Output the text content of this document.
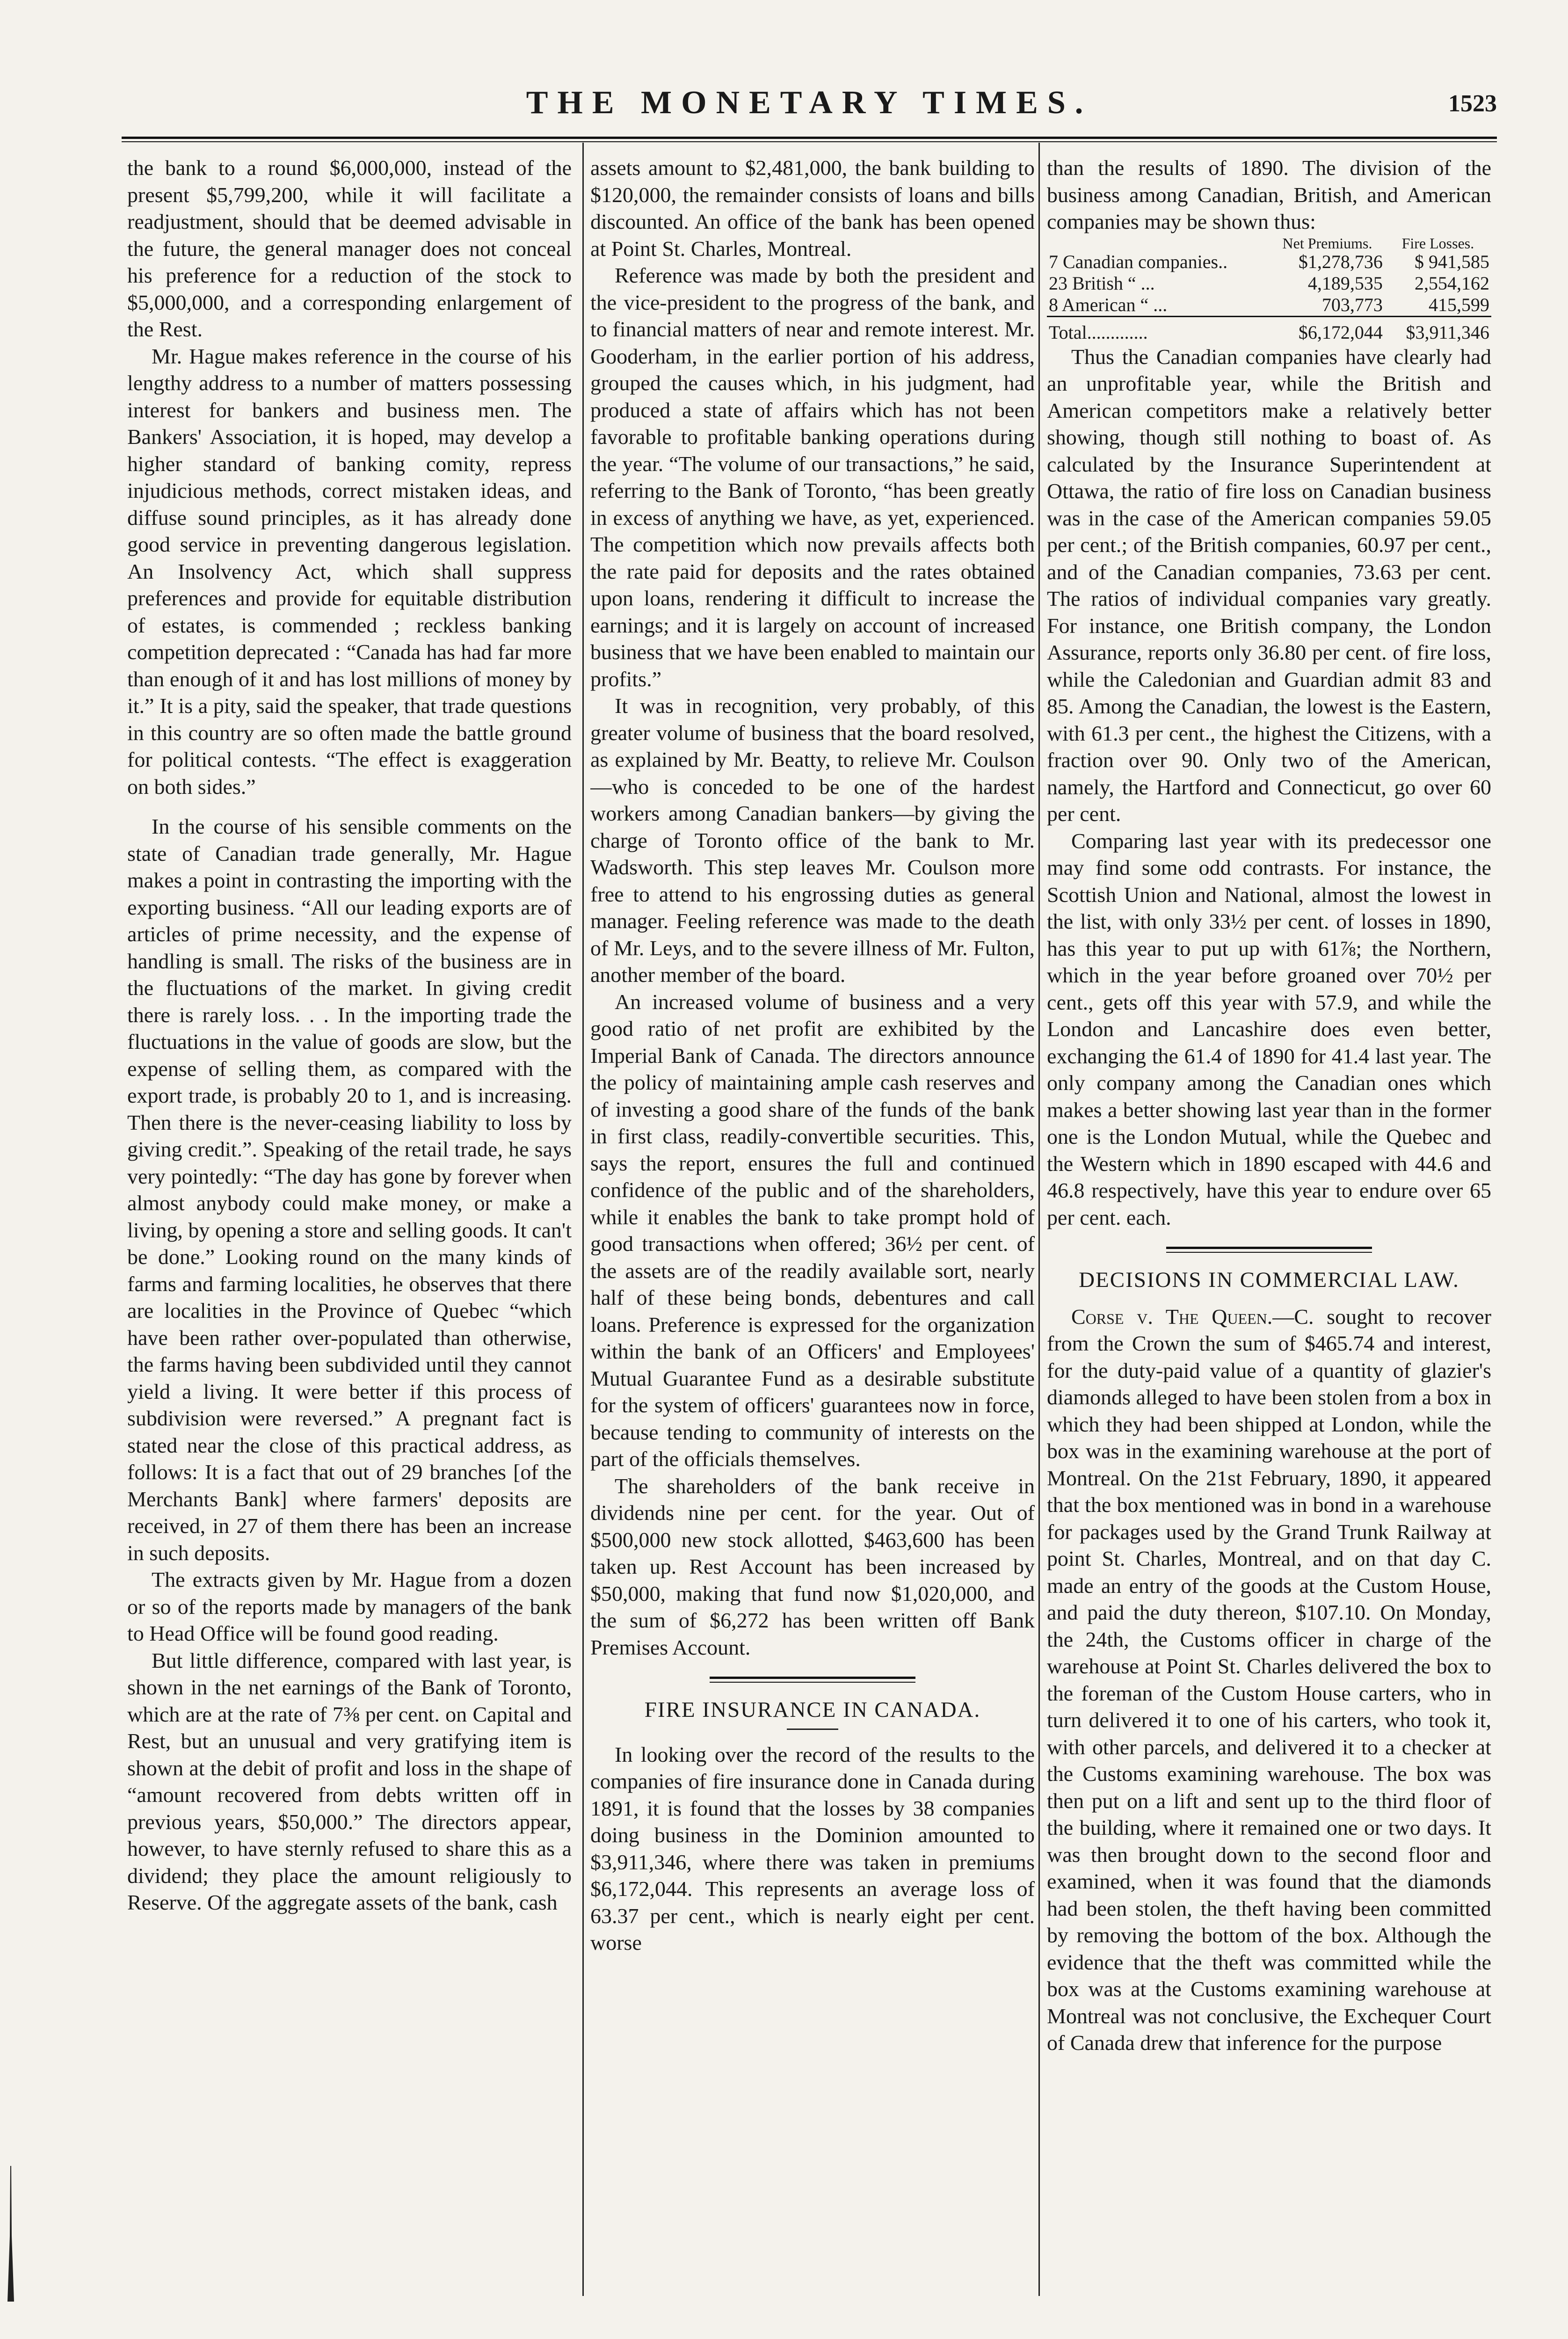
THE MONETARY TIMES.	1523

the bank to a round $6,000,000, instead of the present $5,799,200, while it will facilitate a readjustment, should that be deemed advisable in the future, the general manager does not conceal his preference for a reduction of the stock to $5,000,000, and a corresponding enlargement of the Rest.

Mr. Hague makes reference in the course of his lengthy address to a number of matters possessing interest for bankers and business men. The Bankers' Association, it is hoped, may develop a higher standard of banking comity, repress injudicious methods, correct mistaken ideas, and diffuse sound principles, as it has already done good service in preventing dangerous legislation. An Insolvency Act, which shall suppress preferences and provide for equitable distribution of estates, is commended ; reckless banking competition deprecated : “Canada has had far more than enough of it and has lost millions of money by it.” It is a pity, said the speaker, that trade questions in this country are so often made the battle ground for political contests. “The effect is exaggeration on both sides.”

In the course of his sensible comments on the state of Canadian trade generally, Mr. Hague makes a point in contrasting the importing with the exporting business. “All our leading exports are of articles of prime necessity, and the expense of handling is small. The risks of the business are in the fluctuations of the market. In giving credit there is rarely loss. . . In the importing trade the fluctuations in the value of goods are slow, but the expense of selling them, as compared with the export trade, is probably 20 to 1, and is increasing. Then there is the never-ceasing liability to loss by giving credit.”. Speaking of the retail trade, he says very pointedly: “The day has gone by forever when almost anybody could make money, or make a living, by opening a store and selling goods. It can't be done.” Looking round on the many kinds of farms and farming localities, he observes that there are localities in the Province of Quebec “which have been rather over-populated than otherwise, the farms having been subdivided until they cannot yield a living. It were better if this process of subdivision were reversed.” A pregnant fact is stated near the close of this practical address, as follows: It is a fact that out of 29 branches [of the Merchants Bank] where farmers' deposits are received, in 27 of them there has been an increase in such deposits.

The extracts given by Mr. Hague from a dozen or so of the reports made by managers of the bank to Head Office will be found good reading.

But little difference, compared with last year, is shown in the net earnings of the Bank of Toronto, which are at the rate of 7⅜ per cent. on Capital and Rest, but an unusual and very gratifying item is shown at the debit of profit and loss in the shape of “amount recovered from debts written off in previous years, $50,000.” The directors appear, however, to have sternly refused to share this as a dividend; they place the amount religiously to Reserve. Of the aggregate assets of the bank, cash

assets amount to $2,481,000, the bank building to $120,000, the remainder consists of loans and bills discounted. An office of the bank has been opened at Point St. Charles, Montreal.

Reference was made by both the president and the vice-president to the progress of the bank, and to financial matters of near and remote interest. Mr. Gooderham, in the earlier portion of his address, grouped the causes which, in his judgment, had produced a state of affairs which has not been favorable to profitable banking operations during the year. “The volume of our transactions,” he said, referring to the Bank of Toronto, “has been greatly in excess of anything we have, as yet, experienced. The competition which now prevails affects both the rate paid for deposits and the rates obtained upon loans, rendering it difficult to increase the earnings; and it is largely on account of increased business that we have been enabled to maintain our profits.”

It was in recognition, very probably, of this greater volume of business that the board resolved, as explained by Mr. Beatty, to relieve Mr. Coulson—who is conceded to be one of the hardest workers among Canadian bankers—by giving the charge of Toronto office of the bank to Mr. Wadsworth. This step leaves Mr. Coulson more free to attend to his engrossing duties as general manager. Feeling reference was made to the death of Mr. Leys, and to the severe illness of Mr. Fulton, another member of the board.

An increased volume of business and a very good ratio of net profit are exhibited by the Imperial Bank of Canada. The directors announce the policy of maintaining ample cash reserves and of investing a good share of the funds of the bank in first class, readily-convertible securities. This, says the report, ensures the full and continued confidence of the public and of the shareholders, while it enables the bank to take prompt hold of good transactions when offered; 36½ per cent. of the assets are of the readily available sort, nearly half of these being bonds, debentures and call loans. Preference is expressed for the organization within the bank of an Officers' and Employees' Mutual Guarantee Fund as a desirable substitute for the system of officers' guarantees now in force, because tending to community of interests on the part of the officials themselves.

The shareholders of the bank receive in dividends nine per cent. for the year. Out of $500,000 new stock allotted, $463,600 has been taken up. Rest Account has been increased by $50,000, making that fund now $1,020,000, and the sum of $6,272 has been written off Bank Premises Account.

FIRE INSURANCE IN CANADA.

In looking over the record of the results to the companies of fire insurance done in Canada during 1891, it is found that the losses by 38 companies doing business in the Dominion amounted to $3,911,346, where there was taken in premiums $6,172,044. This represents an average loss of 63.37 per cent., which is nearly eight per cent. worse

than the results of 1890. The division of the business among Canadian, British, and American companies may be shown thus:

	Net Premiums.	Fire Losses.
7 Canadian companies..	$1,278,736	$ 941,585
23 British “ ...	4,189,535	2,554,162
8 American “ ...	703,773	415,599
Total.............	$6,172,044	$3,911,346

Thus the Canadian companies have clearly had an unprofitable year, while the British and American competitors make a relatively better showing, though still nothing to boast of. As calculated by the Insurance Superintendent at Ottawa, the ratio of fire loss on Canadian business was in the case of the American companies 59.05 per cent.; of the British companies, 60.97 per cent., and of the Canadian companies, 73.63 per cent. The ratios of individual companies vary greatly. For instance, one British company, the London Assurance, reports only 36.80 per cent. of fire loss, while the Caledonian and Guardian admit 83 and 85. Among the Canadian, the lowest is the Eastern, with 61.3 per cent., the highest the Citizens, with a fraction over 90. Only two of the American, namely, the Hartford and Connecticut, go over 60 per cent.

Comparing last year with its predecessor one may find some odd contrasts. For instance, the Scottish Union and National, almost the lowest in the list, with only 33½ per cent. of losses in 1890, has this year to put up with 61⅞; the Northern, which in the year before groaned over 70½ per cent., gets off this year with 57.9, and while the London and Lancashire does even better, exchanging the 61.4 of 1890 for 41.4 last year. The only company among the Canadian ones which makes a better showing last year than in the former one is the London Mutual, while the Quebec and the Western which in 1890 escaped with 44.6 and 46.8 respectively, have this year to endure over 65 per cent. each.

DECISIONS IN COMMERCIAL LAW.

Corse v. The Queen.—C. sought to recover from the Crown the sum of $465.74 and interest, for the duty-paid value of a quantity of glazier's diamonds alleged to have been stolen from a box in which they had been shipped at London, while the box was in the examining warehouse at the port of Montreal. On the 21st February, 1890, it appeared that the box mentioned was in bond in a warehouse for packages used by the Grand Trunk Railway at point St. Charles, Montreal, and on that day C. made an entry of the goods at the Custom House, and paid the duty thereon, $107.10. On Monday, the 24th, the Customs officer in charge of the warehouse at Point St. Charles delivered the box to the foreman of the Custom House carters, who in turn delivered it to one of his carters, who took it, with other parcels, and delivered it to a checker at the Customs examining warehouse. The box was then put on a lift and sent up to the third floor of the building, where it remained one or two days. It was then brought down to the second floor and examined, when it was found that the diamonds had been stolen, the theft having been committed by removing the bottom of the box. Although the evidence that the theft was committed while the box was at the Customs examining warehouse at Montreal was not conclusive, the Exchequer Court of Canada drew that inference for the purpose
